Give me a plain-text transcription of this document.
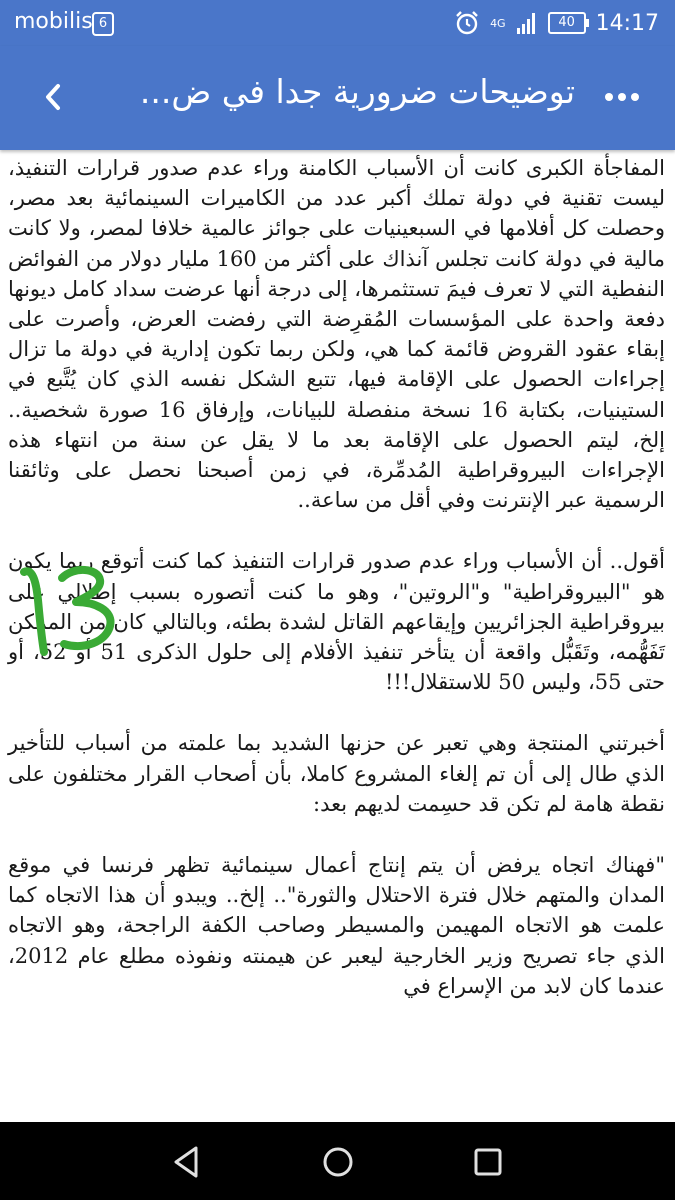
mobilis 6	4G	40 14:17
توضيحات ضرورية جدا في ض...

المفاجأة الكبرى كانت أن الأسباب الكامنة وراء عدم صدور قرارات التنفيذ، ليست تقنية في دولة تملك أكبر عدد من الكاميرات السينمائية بعد مصر، وحصلت كل أفلامها في السبعينيات على جوائز عالمية خلافا لمصر، ولا كانت مالية في دولة كانت تجلس آنذاك على أكثر من 160 مليار دولار من الفوائض النفطية التي لا تعرف فيمَ تستثمرها، إلى درجة أنها عرضت سداد كامل ديونها دفعة واحدة على المؤسسات المُقرِضة التي رفضت العرض، وأصرت على إبقاء عقود القروض قائمة كما هي، ولكن ربما تكون إدارية في دولة ما تزال إجراءات الحصول على الإقامة فيها، تتبع الشكل نفسه الذي كان يُتَّبع في الستينيات، بكتابة 16 نسخة منفصلة للبيانات، وإرفاق 16 صورة شخصية.. إلخ، ليتم الحصول على الإقامة بعد ما لا يقل عن سنة من انتهاء هذه الإجراءات البيروقراطية المُدمِّرة، في زمن أصبحنا نحصل على وثائقنا الرسمية عبر الإنترنت وفي أقل من ساعة..

أقول.. أن الأسباب وراء عدم صدور قرارات التنفيذ كما كنت أتوقع ربما يكون هو "البيروقراطية" و"الروتين"، وهو ما كنت أتصوره بسبب إطلالي على بيروقراطية الجزائريين وإيقاعهم القاتل لشدة بطئه، وبالتالي كان من الممكن تَفَهُّمه، وتَقَبُّل واقعة أن يتأخر تنفيذ الأفلام إلى حلول الذكرى 51 أو 52، أو حتى 55، وليس 50 للاستقلال!!!

أخبرتني المنتجة وهي تعبر عن حزنها الشديد بما علمته من أسباب للتأخير الذي طال إلى أن تم إلغاء المشروع كاملا، بأن أصحاب القرار مختلفون على نقطة هامة لم تكن قد حسِمت لديهم بعد:

"فهناك اتجاه يرفض أن يتم إنتاج أعمال سينمائية تظهر فرنسا في موقع المدان والمتهم خلال فترة الاحتلال والثورة".. إلخ.. ويبدو أن هذا الاتجاه كما علمت هو الاتجاه المهيمن والمسيطر وصاحب الكفة الراجحة، وهو الاتجاه الذي جاء تصريح وزير الخارجية ليعبر عن هيمنته ونفوذه مطلع عام 2012، عندما كان لابد من الإسراع في
